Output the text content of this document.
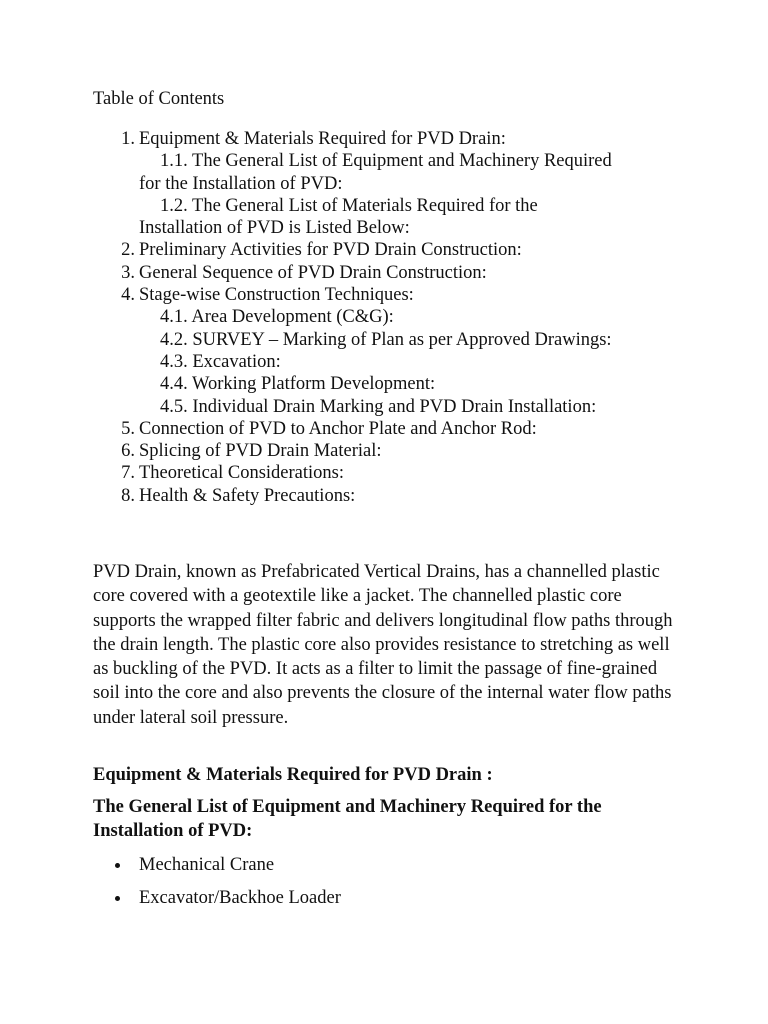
Table of Contents

1. Equipment & Materials Required for PVD Drain:
1.1. The General List of Equipment and Machinery Required
for the Installation of PVD:
1.2. The General List of Materials Required for the
Installation of PVD is Listed Below:
2. Preliminary Activities for PVD Drain Construction:
3. General Sequence of PVD Drain Construction:
4. Stage-wise Construction Techniques:
4.1. Area Development (C&G):
4.2. SURVEY – Marking of Plan as per Approved Drawings:
4.3. Excavation:
4.4. Working Platform Development:
4.5. Individual Drain Marking and PVD Drain Installation:
5. Connection of PVD to Anchor Plate and Anchor Rod:
6. Splicing of PVD Drain Material:
7. Theoretical Considerations:
8. Health & Safety Precautions:

PVD Drain, known as Prefabricated Vertical Drains, has a channelled plastic core covered with a geotextile like a jacket. The channelled plastic core supports the wrapped filter fabric and delivers longitudinal flow paths through the drain length. The plastic core also provides resistance to stretching as well as buckling of the PVD. It acts as a filter to limit the passage of fine-grained soil into the core and also prevents the closure of the internal water flow paths under lateral soil pressure.

Equipment & Materials Required for PVD Drain :

The General List of Equipment and Machinery Required for the Installation of PVD:

Mechanical Crane
Excavator/Backhoe Loader
